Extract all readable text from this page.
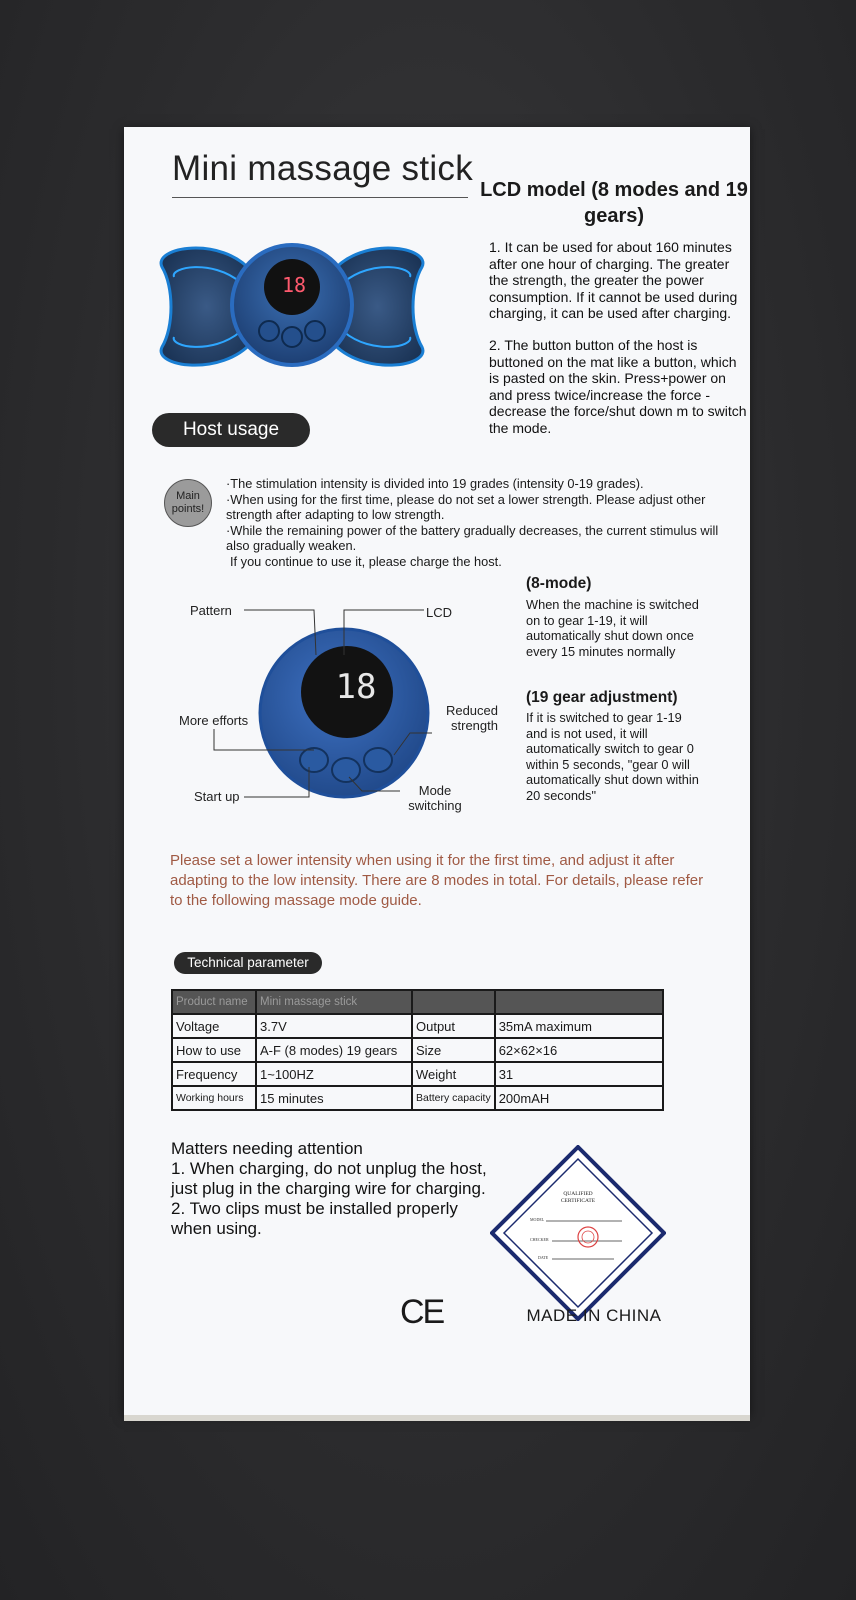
Mini massage stick
LCD model (8 modes and 19 gears)
1. It can be used for about 160 minutes after one hour of charging. The greater the strength, the greater the power consumption. If it cannot be used during charging, it can be used after charging.
2. The button button of the host is buttoned on the mat like a button, which is pasted on the skin. Press+power on and press twice/increase the force - decrease the force/shut down m to switch the mode.
18
Host usage
Main points!
·The stimulation intensity is divided into 19 grades (intensity 0-19 grades).
·When using for the first time, please do not set a lower strength. Please adjust other strength after adapting to low strength.
·While the remaining power of the battery gradually decreases, the current stimulus will also gradually weaken.
If you continue to use it, please charge the host.
18
Pattern	LCD
More efforts
Reduced
strength
Start up	Mode
switching
(8-mode)
When the machine is switched on to gear 1-19, it will automatically shut down once every 15 minutes normally
(19 gear adjustment)
If it is switched to gear 1-19 and is not used, it will automatically switch to gear 0 within 5 seconds, "gear 0 will automatically shut down within 20 seconds"
Please set a lower intensity when using it for the first time, and adjust it after adapting to the low intensity. There are 8 modes in total. For details, please refer to the following massage mode guide.
Technical parameter
Product name	Mini massage stick		
Voltage	3.7V	Output	35mA maximum
How to use	A-F (8 modes) 19 gears	Size	62×62×16
Frequency	1~100HZ	Weight	31
Working hours	15 minutes	Battery capacity	200mAH
Matters needing attention
1. When charging, do not unplug the host, just plug in the charging wire for charging.
2. Two clips must be installed properly when using.
QUALIFIED
CERTIFICATE
MODEL
CHECKER
DATE
CE	MADE IN CHINA
